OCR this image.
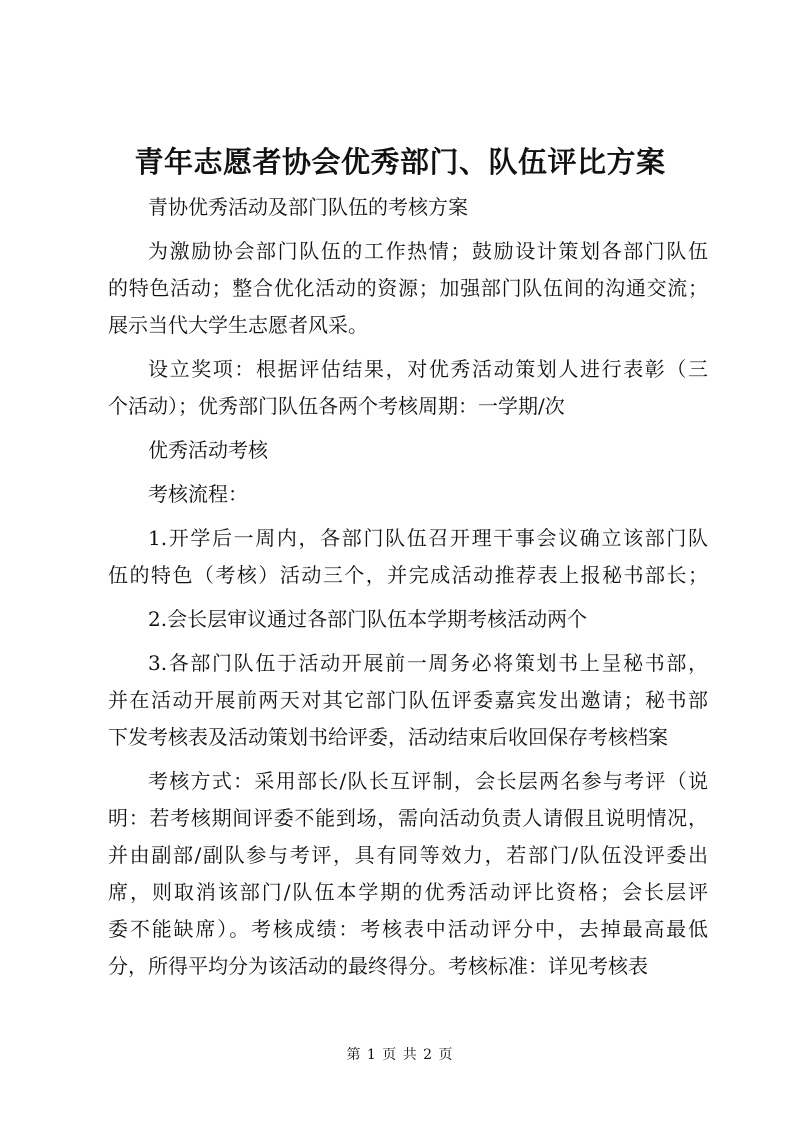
青年志愿者协会优秀部门、队伍评比方案
青协优秀活动及部门队伍的考核方案
为激励协会部门队伍的工作热情；鼓励设计策划各部门队伍
的特色活动；整合优化活动的资源；加强部门队伍间的沟通交流；
展示当代大学生志愿者风采。
设立奖项：根据评估结果，对优秀活动策划人进行表彰（三
个活动）；优秀部门队伍各两个考核周期：一学期/次
优秀活动考核
考核流程：
1.开学后一周内，各部门队伍召开理干事会议确立该部门队
伍的特色（考核）活动三个，并完成活动推荐表上报秘书部长；
2.会长层审议通过各部门队伍本学期考核活动两个
3.各部门队伍于活动开展前一周务必将策划书上呈秘书部，
并在活动开展前两天对其它部门队伍评委嘉宾发出邀请；秘书部
下发考核表及活动策划书给评委，活动结束后收回保存考核档案
考核方式：采用部长/队长互评制，会长层两名参与考评（说
明：若考核期间评委不能到场，需向活动负责人请假且说明情况，
并由副部/副队参与考评，具有同等效力，若部门/队伍没评委出
席，则取消该部门/队伍本学期的优秀活动评比资格；会长层评
委不能缺席）。考核成绩：考核表中活动评分中，去掉最高最低
分，所得平均分为该活动的最终得分。考核标准：详见考核表
第 1 页 共 2 页
